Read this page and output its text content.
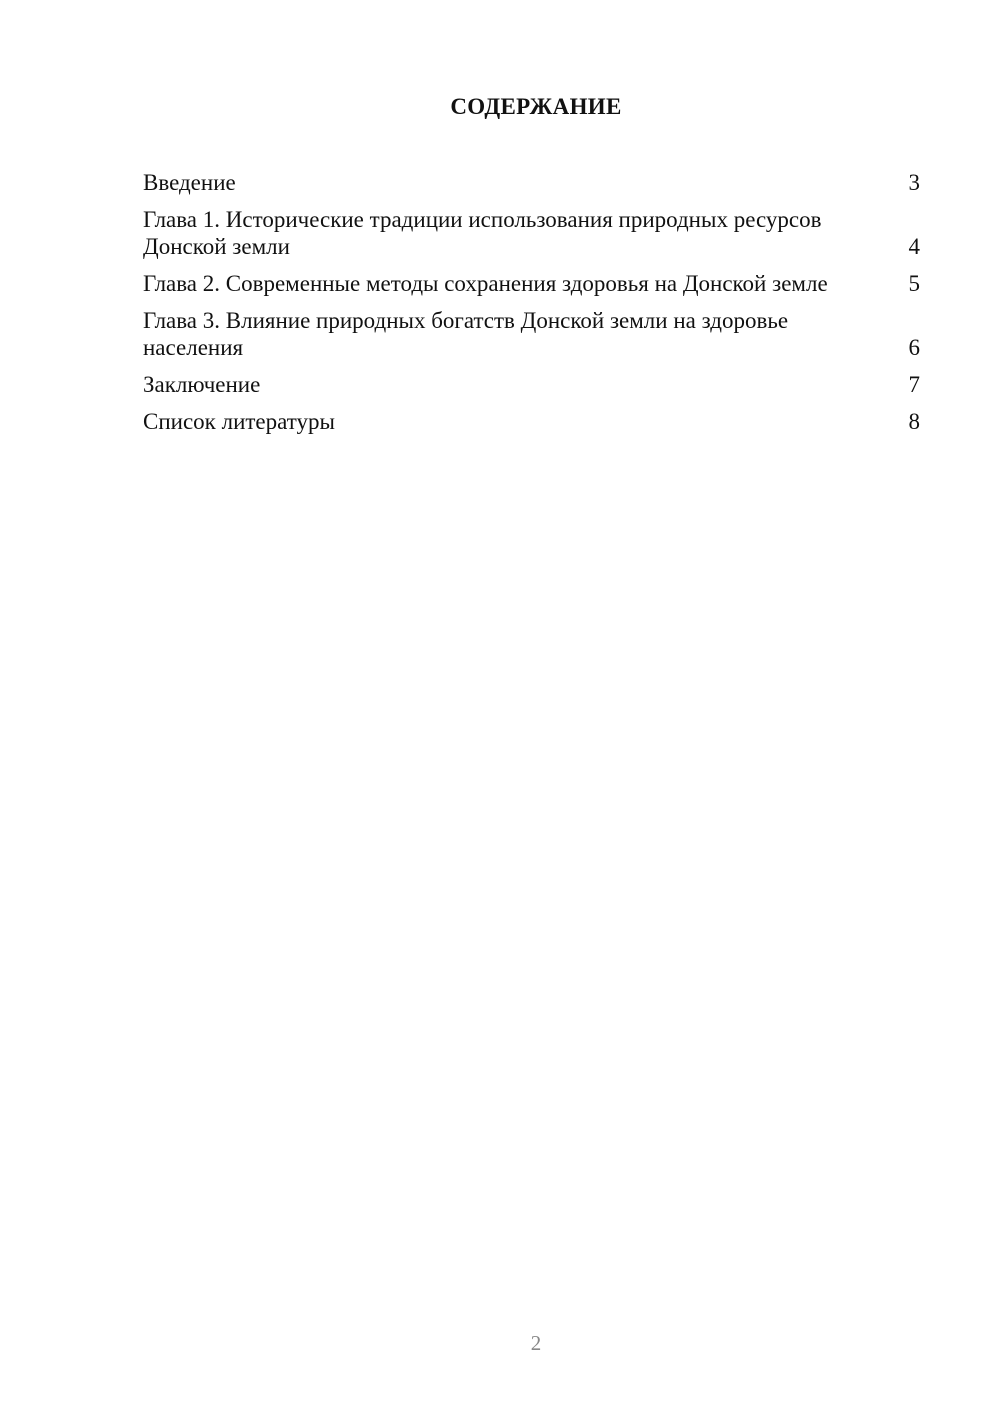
СОДЕРЖАНИЕ
Введение	3
Глава 1. Исторические традиции использования природных ресурсов Донской земли	4
Глава 2. Современные методы сохранения здоровья на Донской земле	5
Глава 3. Влияние природных богатств Донской земли на здоровье населения	6
Заключение	7
Список литературы	8
2
